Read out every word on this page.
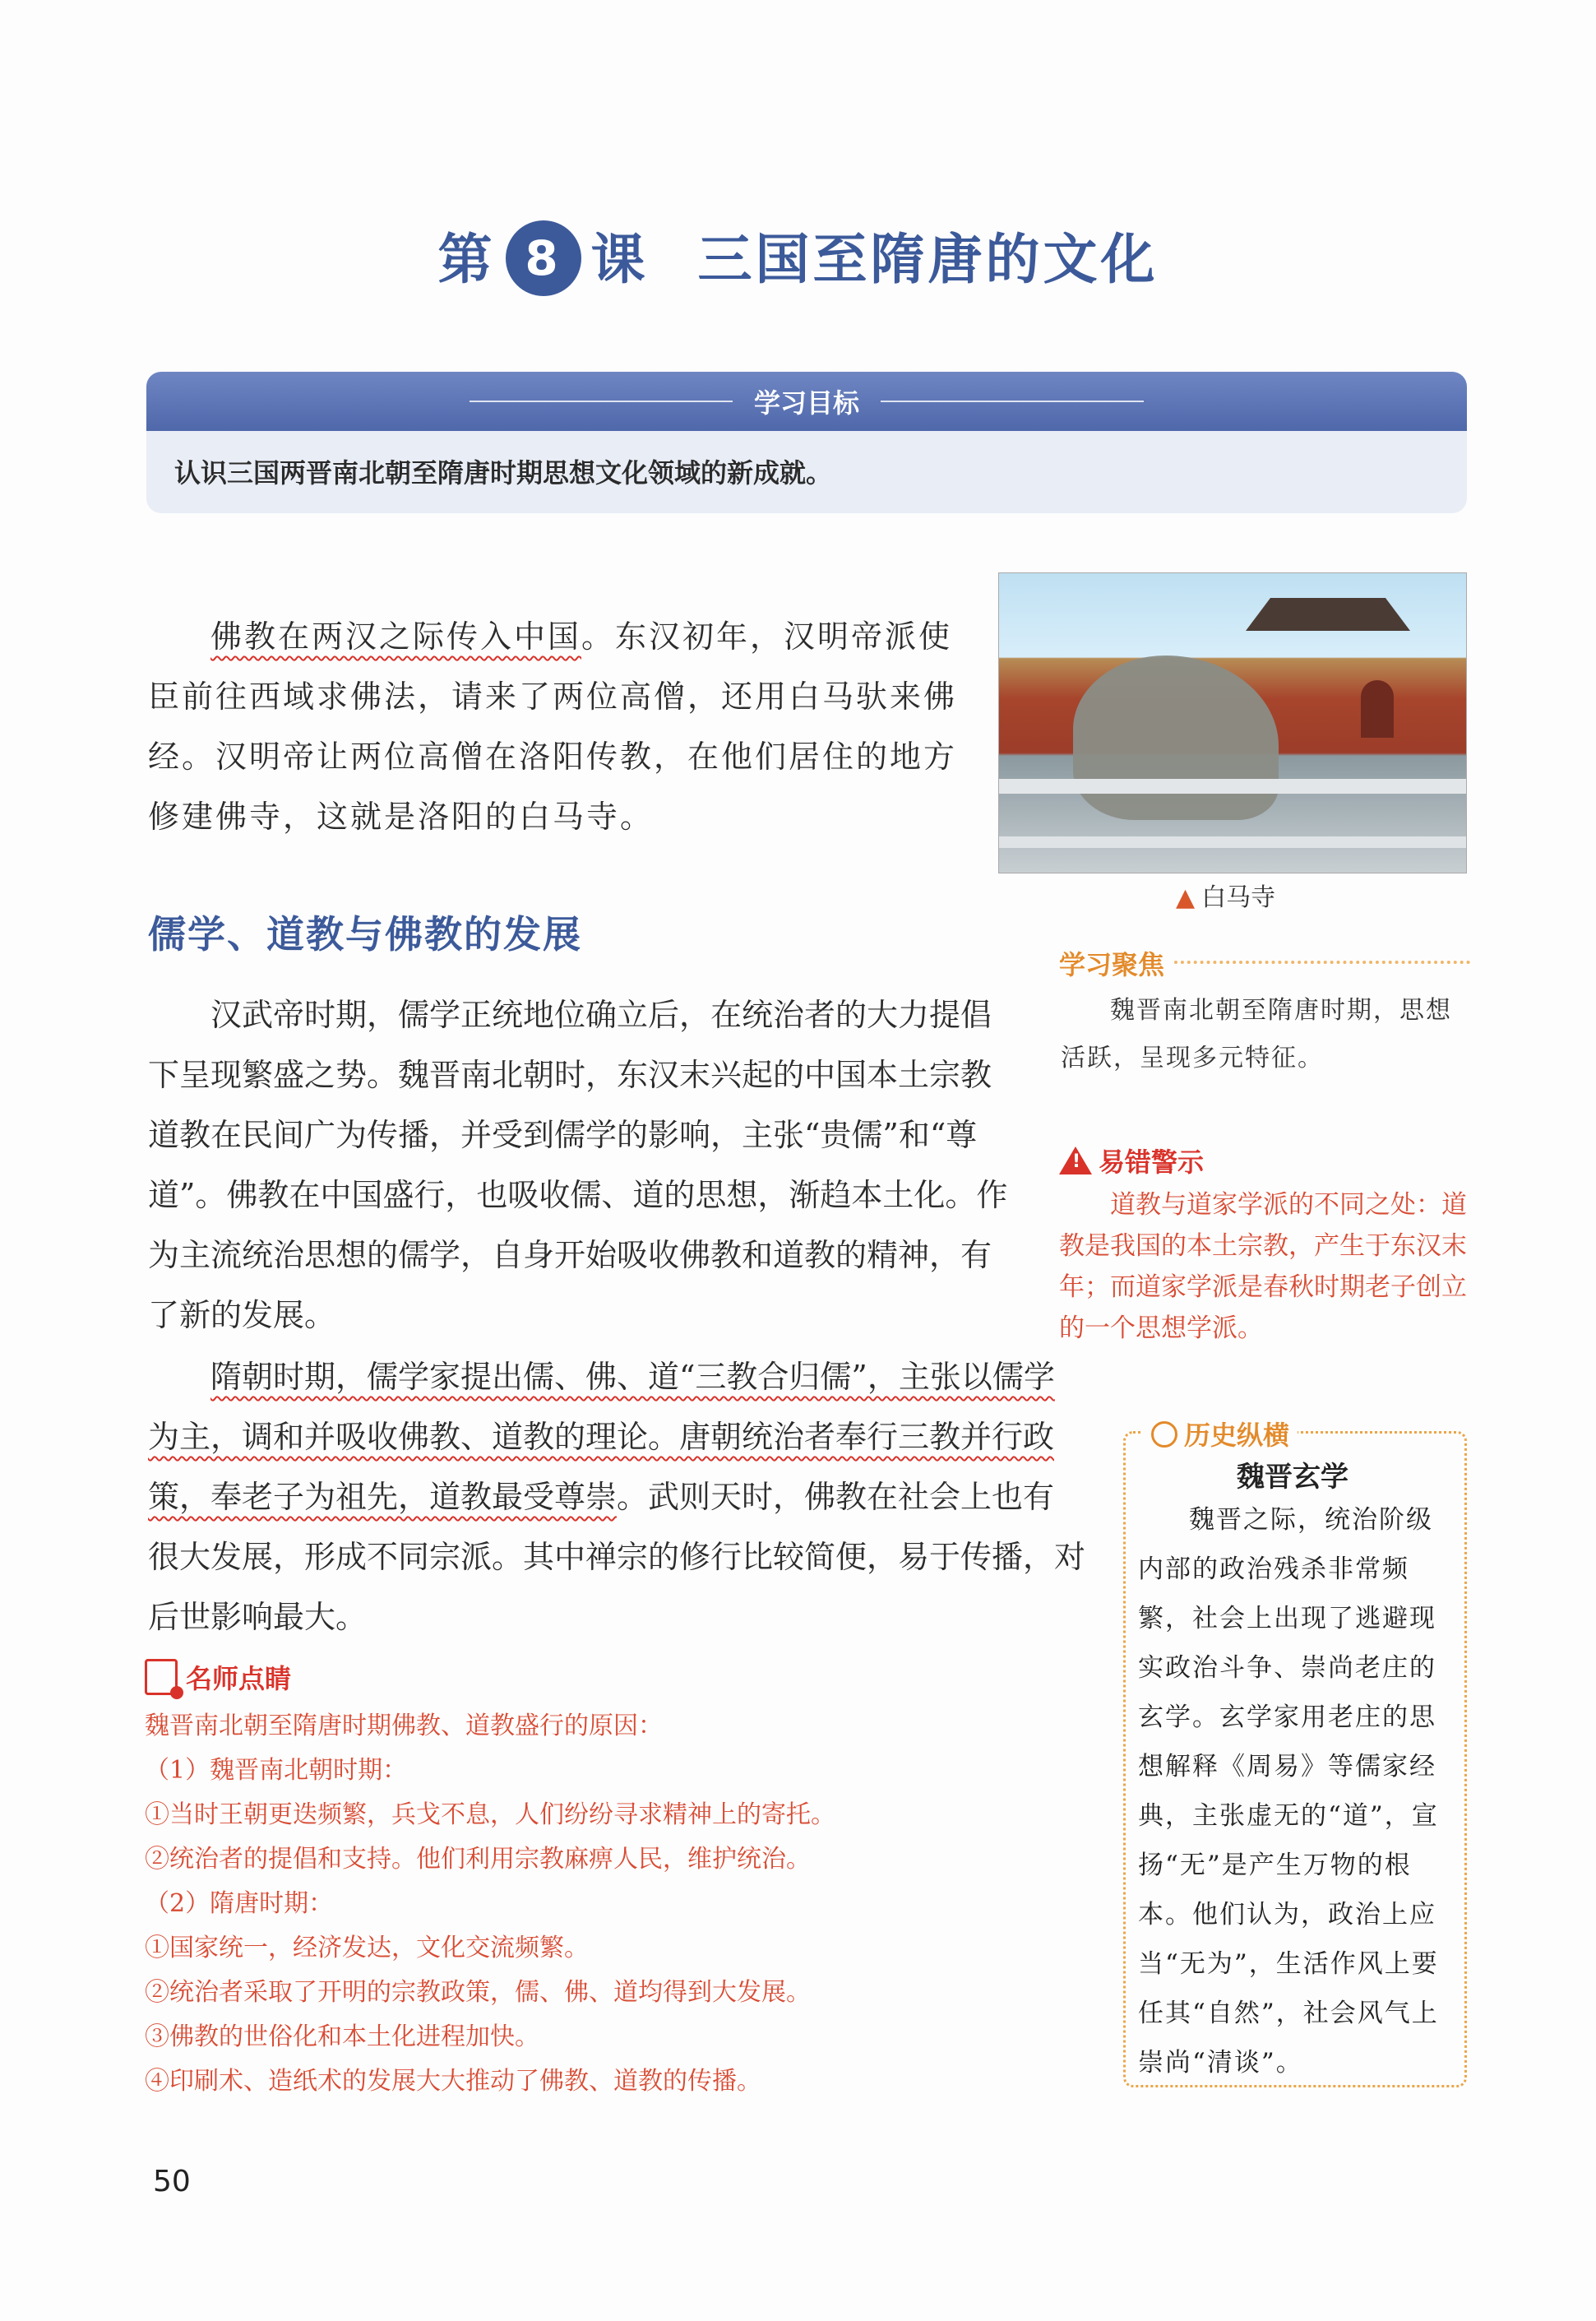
第 8 课 三国至隋唐的文化
学习目标
认识三国两晋南北朝至隋唐时期思想文化领域的新成就。

佛教在两汉之际传入中国。东汉初年，汉明帝派使臣前往西域求佛法，请来了两位高僧，还用白马驮来佛经。汉明帝让两位高僧在洛阳传教，在他们居住的地方修建佛寺，这就是洛阳的白马寺。

▲ 白马寺
儒学、道教与佛教的发展

汉武帝时期，儒学正统地位确立后，在统治者的大力提倡下呈现繁盛之势。魏晋南北朝时，东汉末兴起的中国本土宗教道教在民间广为传播，并受到儒学的影响，主张“贵儒”和“尊道”。佛教在中国盛行，也吸收儒、道的思想，渐趋本土化。作为主流统治思想的儒学，自身开始吸收佛教和道教的精神，有了新的发展。

隋朝时期，儒学家提出儒、佛、道“三教合归儒”，主张以儒学为主，调和并吸收佛教、道教的理论。唐朝统治者奉行三教并行政策，奉老子为祖先，道教最受尊崇。武则天时，佛教在社会上也有很大发展，形成不同宗派。其中禅宗的修行比较简便，易于传播，对后世影响最大。

名师点睛
魏晋南北朝至隋唐时期佛教、道教盛行的原因：
（1）魏晋南北朝时期：
①当时王朝更迭频繁，兵戈不息，人们纷纷寻求精神上的寄托。
②统治者的提倡和支持。他们利用宗教麻痹人民，维护统治。
（2）隋唐时期：
①国家统一，经济发达，文化交流频繁。
②统治者采取了开明的宗教政策，儒、佛、道均得到大发展。
③佛教的世俗化和本土化进程加快。
④印刷术、造纸术的发展大大推动了佛教、道教的传播。
学习聚焦
魏晋南北朝至隋唐时期，思想活跃，呈现多元特征。
!
易错警示
道教与道家学派的不同之处：道教是我国的本土宗教，产生于东汉末年；而道家学派是春秋时期老子创立的一个思想学派。
历史纵横
魏晋玄学
魏晋之际，统治阶级内部的政治残杀非常频繁，社会上出现了逃避现实政治斗争、崇尚老庄的玄学。玄学家用老庄的思想解释《周易》等儒家经典，主张虚无的“道”，宣扬“无”是产生万物的根本。他们认为，政治上应当“无为”，生活作风上要任其“自然”，社会风气上崇尚“清谈”。
50
